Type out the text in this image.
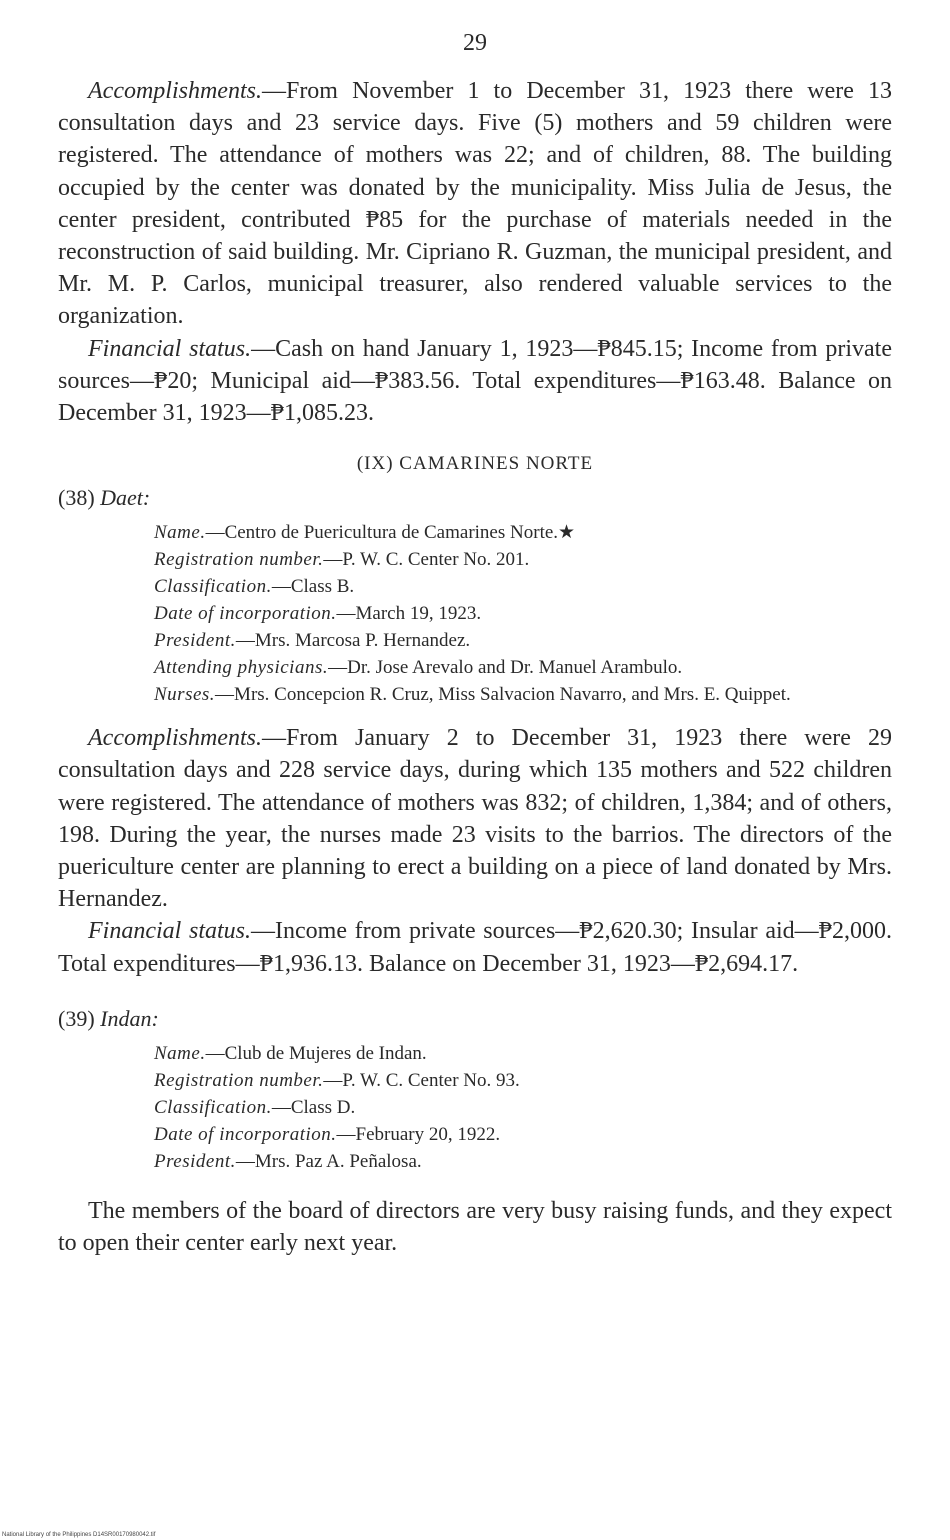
29

Accomplishments.—From November 1 to December 31, 1923 there were 13 consultation days and 23 service days. Five (5) mothers and 59 children were registered. The attendance of mothers was 22; and of children, 88. The building occupied by the center was donated by the municipality. Miss Julia de Jesus, the center president, contributed ₱85 for the purchase of materials needed in the reconstruction of said building. Mr. Cipriano R. Guzman, the municipal president, and Mr. M. P. Carlos, municipal treasurer, also rendered valuable services to the organization.

Financial status.—Cash on hand January 1, 1923—₱845.15; Income from private sources—₱20; Municipal aid—₱383.56. Total expenditures—₱163.48. Balance on December 31, 1923—₱1,085.23.

(IX) CAMARINES NORTE
(38) Daet:

Name.—Centro de Puericultura de Camarines Norte.★

Registration number.—P. W. C. Center No. 201.

Classification.—Class B.

Date of incorporation.—March 19, 1923.

President.—Mrs. Marcosa P. Hernandez.

Attending physicians.—Dr. Jose Arevalo and Dr. Manuel Arambulo.

Nurses.—Mrs. Concepcion R. Cruz, Miss Salvacion Navarro, and Mrs. E. Quippet.

Accomplishments.—From January 2 to December 31, 1923 there were 29 consultation days and 228 service days, during which 135 mothers and 522 children were registered. The attendance of mothers was 832; of children, 1,384; and of others, 198. During the year, the nurses made 23 visits to the barrios. The directors of the puericulture center are planning to erect a building on a piece of land donated by Mrs. Hernandez.

Financial status.—Income from private sources—₱2,620.30; Insular aid—₱2,000. Total expenditures—₱1,936.13. Balance on December 31, 1923—₱2,694.17.

(39) Indan:

Name.—Club de Mujeres de Indan.

Registration number.—P. W. C. Center No. 93.

Classification.—Class D.

Date of incorporation.—February 20, 1922.

President.—Mrs. Paz A. Peñalosa.

The members of the board of directors are very busy raising funds, and they expect to open their center early next year.

National Library of the Philippines D14SR00170980042.tif
